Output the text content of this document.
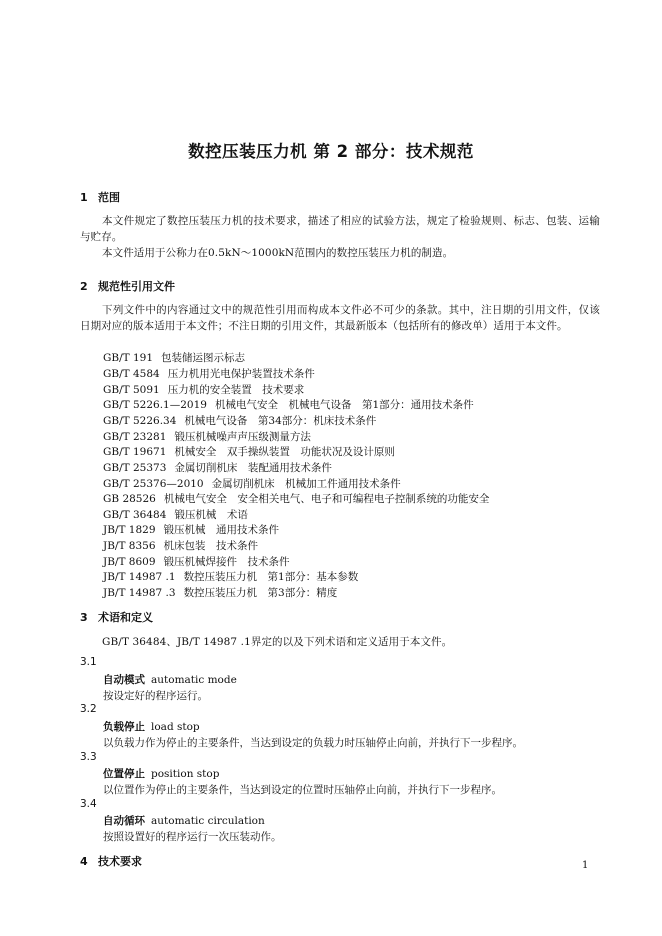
数控压装压力机 第 2 部分：技术规范
1 范围
本文件规定了数控压装压力机的技术要求，描述了相应的试验方法，规定了检验规则、标志、包装、运输与贮存。
本文件适用于公称力在0.5kN～1000kN范围内的数控压装压力机的制造。
2 规范性引用文件
下列文件中的内容通过文中的规范性引用而构成本文件必不可少的条款。其中，注日期的引用文件，仅该日期对应的版本适用于本文件；不注日期的引用文件，其最新版本（包括所有的修改单）适用于本文件。
GB/T 191 包装储运图示标志
GB/T 4584 压力机用光电保护装置技术条件
GB/T 5091 压力机的安全装置　技术要求
GB/T 5226.1—2019 机械电气安全　机械电气设备　第1部分：通用技术条件
GB/T 5226.34 机械电气设备　第34部分：机床技术条件
GB/T 23281 锻压机械噪声声压级测量方法
GB/T 19671 机械安全　双手操纵装置　功能状况及设计原则
GB/T 25373 金属切削机床　装配通用技术条件
GB/T 25376—2010 金属切削机床　机械加工件通用技术条件
GB 28526 机械电气安全　安全相关电气、电子和可编程电子控制系统的功能安全
GB/T 36484 锻压机械　术语
JB/T 1829 锻压机械　通用技术条件
JB/T 8356 机床包装　技术条件
JB/T 8609 锻压机械焊接件　技术条件
JB/T 14987 .1 数控压装压力机　第1部分：基本参数
JB/T 14987 .3 数控压装压力机　第3部分：精度
3 术语和定义
GB/T 36484、JB/T 14987 .1界定的以及下列术语和定义适用于本文件。
3.1
自动模式 automatic mode
按设定好的程序运行。
3.2
负载停止 load stop
以负载力作为停止的主要条件，当达到设定的负载力时压轴停止向前，并执行下一步程序。
3.3
位置停止 position stop
以位置作为停止的主要条件，当达到设定的位置时压轴停止向前，并执行下一步程序。
3.4
自动循环 automatic circulation
按照设置好的程序运行一次压装动作。
4 技术要求	1
